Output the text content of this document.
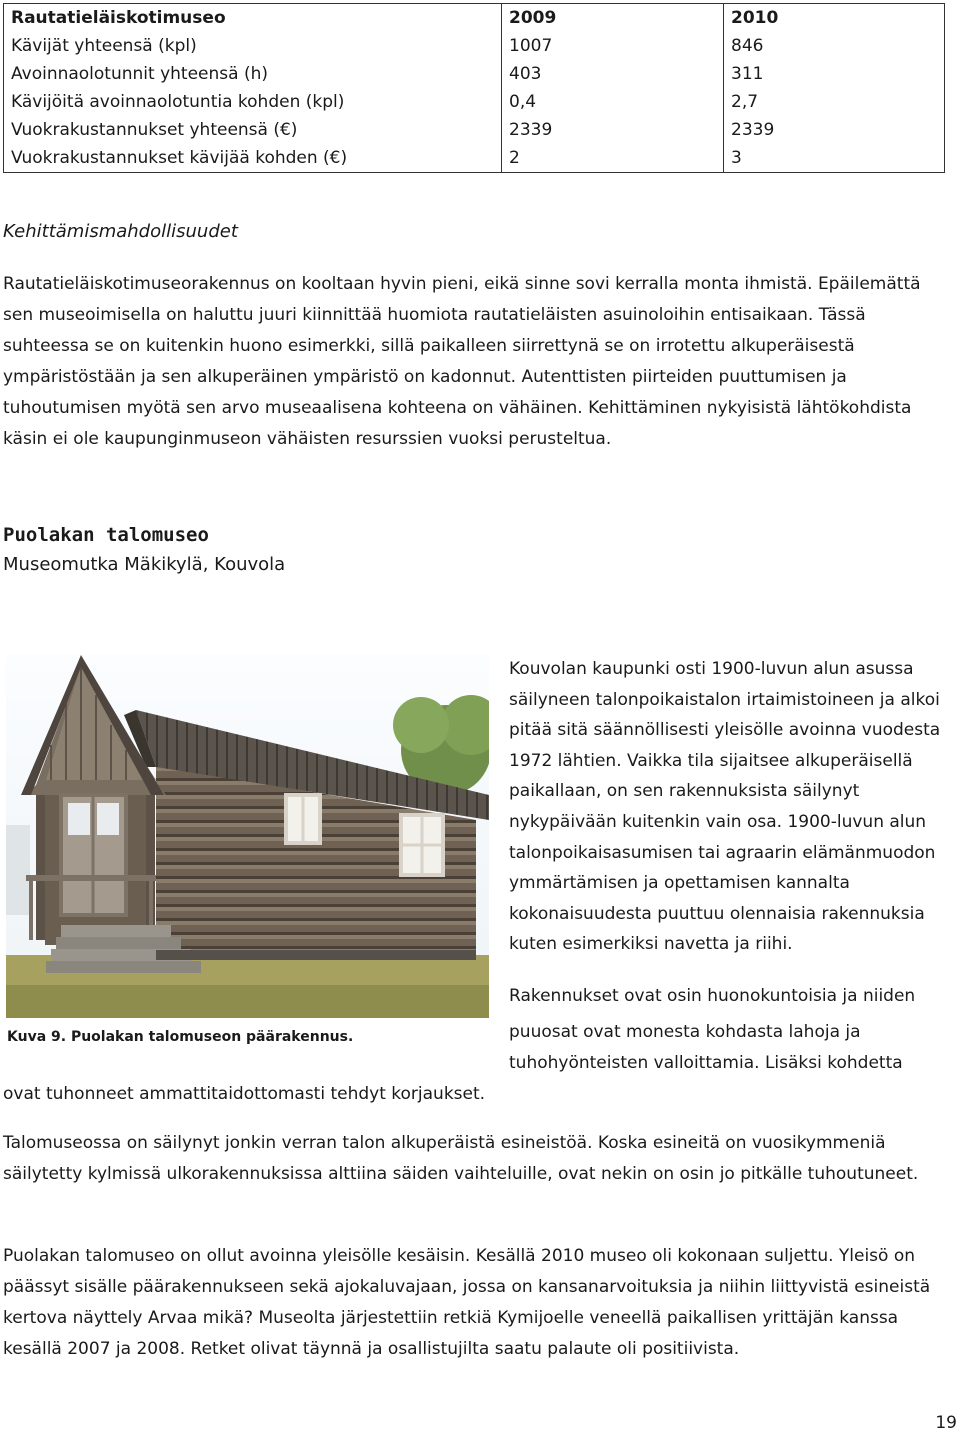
Rautatieläiskotimuseo	2009	2010
Kävijät yhteensä (kpl)	1007	846
Avoinnaolotunnit yhteensä (h)	403	311
Kävijöitä avoinnaolotuntia kohden (kpl)	0,4	2,7
Vuokrakustannukset yhteensä (€)	2339	2339
Vuokrakustannukset kävijää kohden (€)	2	3
Kehittämismahdollisuudet

Rautatieläiskotimuseorakennus on kooltaan hyvin pieni, eikä sinne sovi kerralla monta ihmistä. Epäilemättä sen museoimisella on haluttu juuri kiinnittää huomiota rautatieläisten asuinoloihin entisaikaan. Tässä suhteessa se on kuitenkin huono esimerkki, sillä paikalleen siirrettynä se on irrotettu alkuperäisestä ympäristöstään ja sen alkuperäinen ympäristö on kadonnut. Autenttisten piirteiden puuttumisen ja tuhoutumisen myötä sen arvo museaalisena kohteena on vähäinen. Kehittäminen nykyisistä lähtökohdista käsin ei ole kaupunginmuseon vähäisten resurssien vuoksi perusteltua.

Puolakan talomuseo
Museomutka Mäkikylä, Kouvola
Kuva 9. Puolakan talomuseon päärakennus.

Kouvolan kaupunki osti 1900-luvun alun asussa säilyneen talonpoikaistalon irtaimistoineen ja alkoi pitää sitä säännöllisesti yleisölle avoinna vuodesta 1972 lähtien. Vaikka tila sijaitsee alkuperäisellä paikallaan, on sen rakennuksista säilynyt nykypäivään kuitenkin vain osa. 1900-luvun alun talonpoikaisasumisen tai agraarin elämänmuodon ymmärtämisen ja opettamisen kannalta kokonaisuudesta puuttuu olennaisia rakennuksia kuten esimerkiksi navetta ja riihi.

Rakennukset ovat osin huonokuntoisia ja niiden

puuosat ovat monesta kohdasta lahoja ja tuhohyönteisten valloittamia. Lisäksi kohdetta

ovat tuhonneet ammattitaidottomasti tehdyt korjaukset.

Talomuseossa on säilynyt jonkin verran talon alkuperäistä esineistöä. Koska esineitä on vuosikymmeniä säilytetty kylmissä ulkorakennuksissa alttiina säiden vaihteluille, ovat nekin on osin jo pitkälle tuhoutuneet.

Puolakan talomuseo on ollut avoinna yleisölle kesäisin. Kesällä 2010 museo oli kokonaan suljettu. Yleisö on päässyt sisälle päärakennukseen sekä ajokaluvajaan, jossa on kansanarvoituksia ja niihin liittyvistä esineistä kertova näyttely Arvaa mikä? Museolta järjestettiin retkiä Kymijoelle veneellä paikallisen yrittäjän kanssa kesällä 2007 ja 2008. Retket olivat täynnä ja osallistujilta saatu palaute oli positiivista.

19
